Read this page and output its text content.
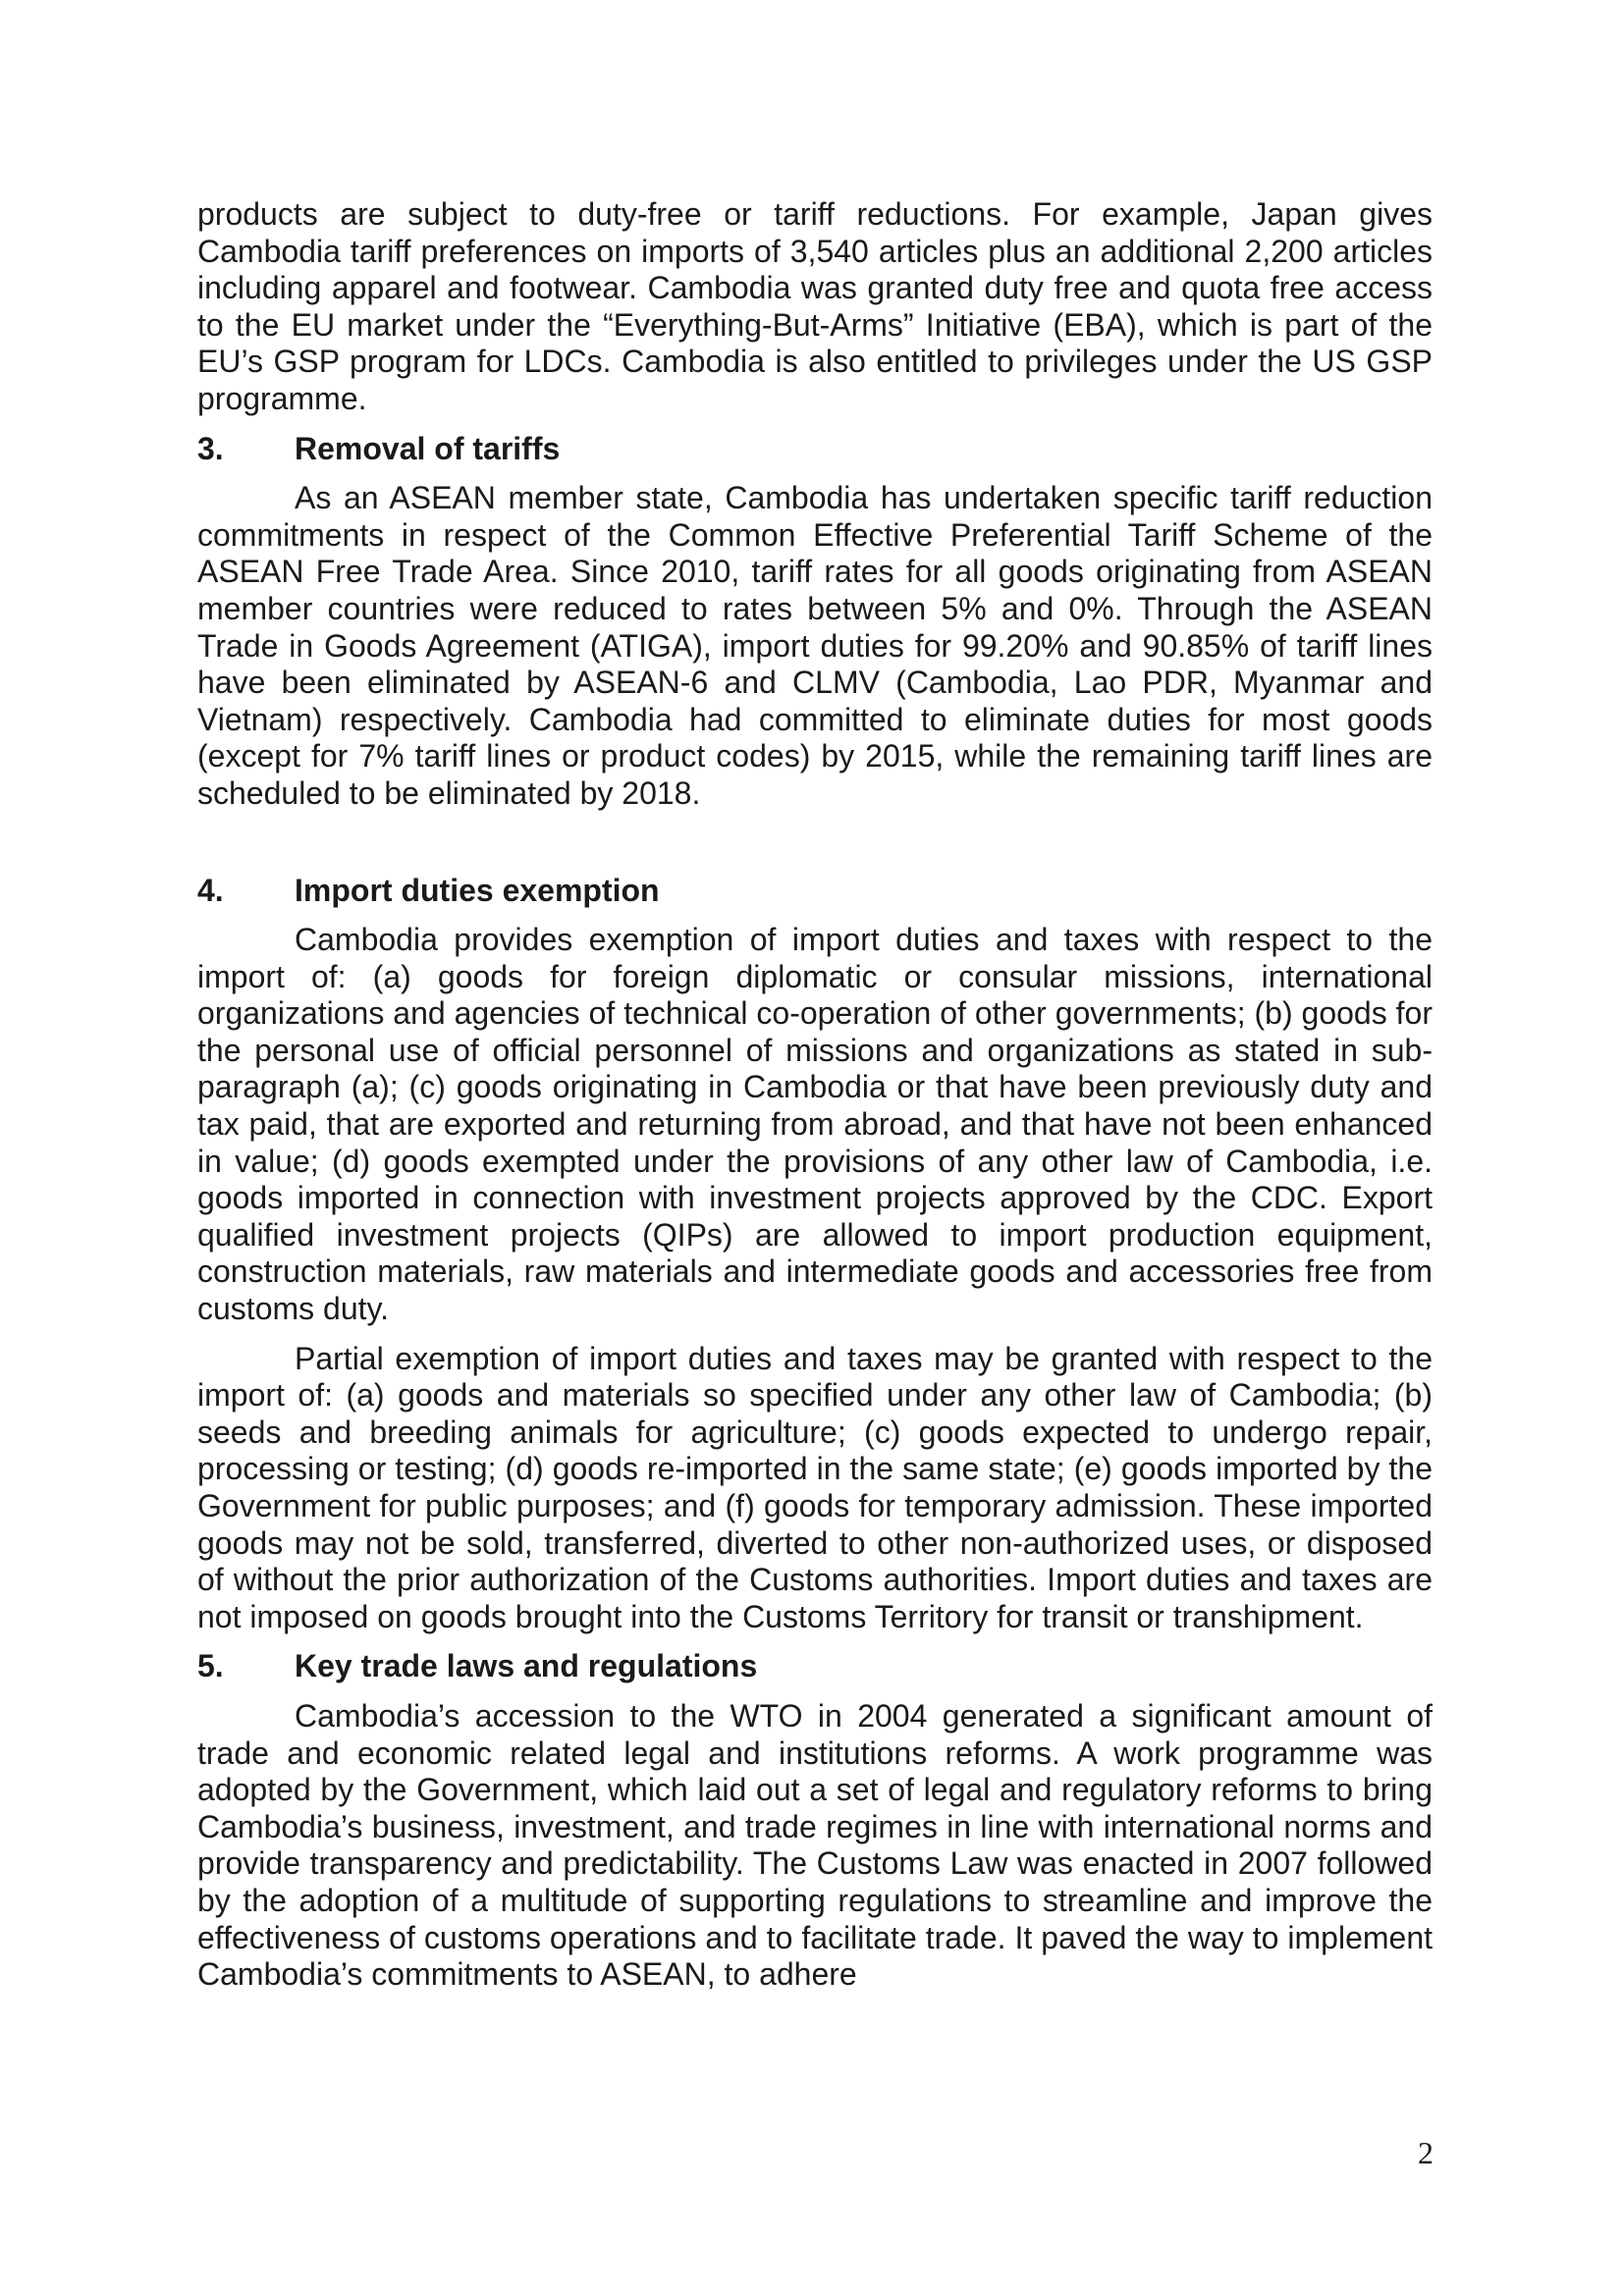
products are subject to duty-free or tariff reductions. For example, Japan gives Cambodia tariff preferences on imports of 3,540 articles plus an additional 2,200 articles including apparel and footwear. Cambodia was granted duty free and quota free access to the EU market under the “Everything-But-Arms” Initiative (EBA), which is part of the EU’s GSP program for LDCs. Cambodia is also entitled to privileges under the US GSP programme.

3.	Removal of tariffs

As an ASEAN member state, Cambodia has undertaken specific tariff reduction commitments in respect of the Common Effective Preferential Tariff Scheme of the ASEAN Free Trade Area. Since 2010, tariff rates for all goods originating from ASEAN member countries were reduced to rates between 5% and 0%. Through the ASEAN Trade in Goods Agreement (ATIGA), import duties for 99.20% and 90.85% of tariff lines have been eliminated by ASEAN-6 and CLMV (Cambodia, Lao PDR, Myanmar and Vietnam) respectively. Cambodia had committed to eliminate duties for most goods (except for 7% tariff lines or product codes) by 2015, while the remaining tariff lines are scheduled to be eliminated by 2018.

4.	Import duties exemption

Cambodia provides exemption of import duties and taxes with respect to the import of: (a) goods for foreign diplomatic or consular missions, international organizations and agencies of technical co-operation of other governments; (b) goods for the personal use of official personnel of missions and organizations as stated in sub-paragraph (a); (c) goods originating in Cambodia or that have been previously duty and tax paid, that are exported and returning from abroad, and that have not been enhanced in value; (d) goods exempted under the provisions of any other law of Cambodia, i.e. goods imported in connection with investment projects approved by the CDC. Export qualified investment projects (QIPs) are allowed to import production equipment, construction materials, raw materials and intermediate goods and accessories free from customs duty.

Partial exemption of import duties and taxes may be granted with respect to the import of: (a) goods and materials so specified under any other law of Cambodia; (b) seeds and breeding animals for agriculture; (c) goods expected to undergo repair, processing or testing; (d) goods re-imported in the same state; (e) goods imported by the Government for public purposes; and (f) goods for temporary admission. These imported goods may not be sold, transferred, diverted to other non-authorized uses, or disposed of without the prior authorization of the Customs authorities. Import duties and taxes are not imposed on goods brought into the Customs Territory for transit or transhipment.

5.	Key trade laws and regulations

Cambodia’s accession to the WTO in 2004 generated a significant amount of trade and economic related legal and institutions reforms. A work programme was adopted by the Government, which laid out a set of legal and regulatory reforms to bring Cambodia’s business, investment, and trade regimes in line with international norms and provide transparency and predictability. The Customs Law was enacted in 2007 followed by the adoption of a multitude of supporting regulations to streamline and improve the effectiveness of customs operations and to facilitate trade. It paved the way to implement Cambodia’s commitments to ASEAN, to adhere

2
